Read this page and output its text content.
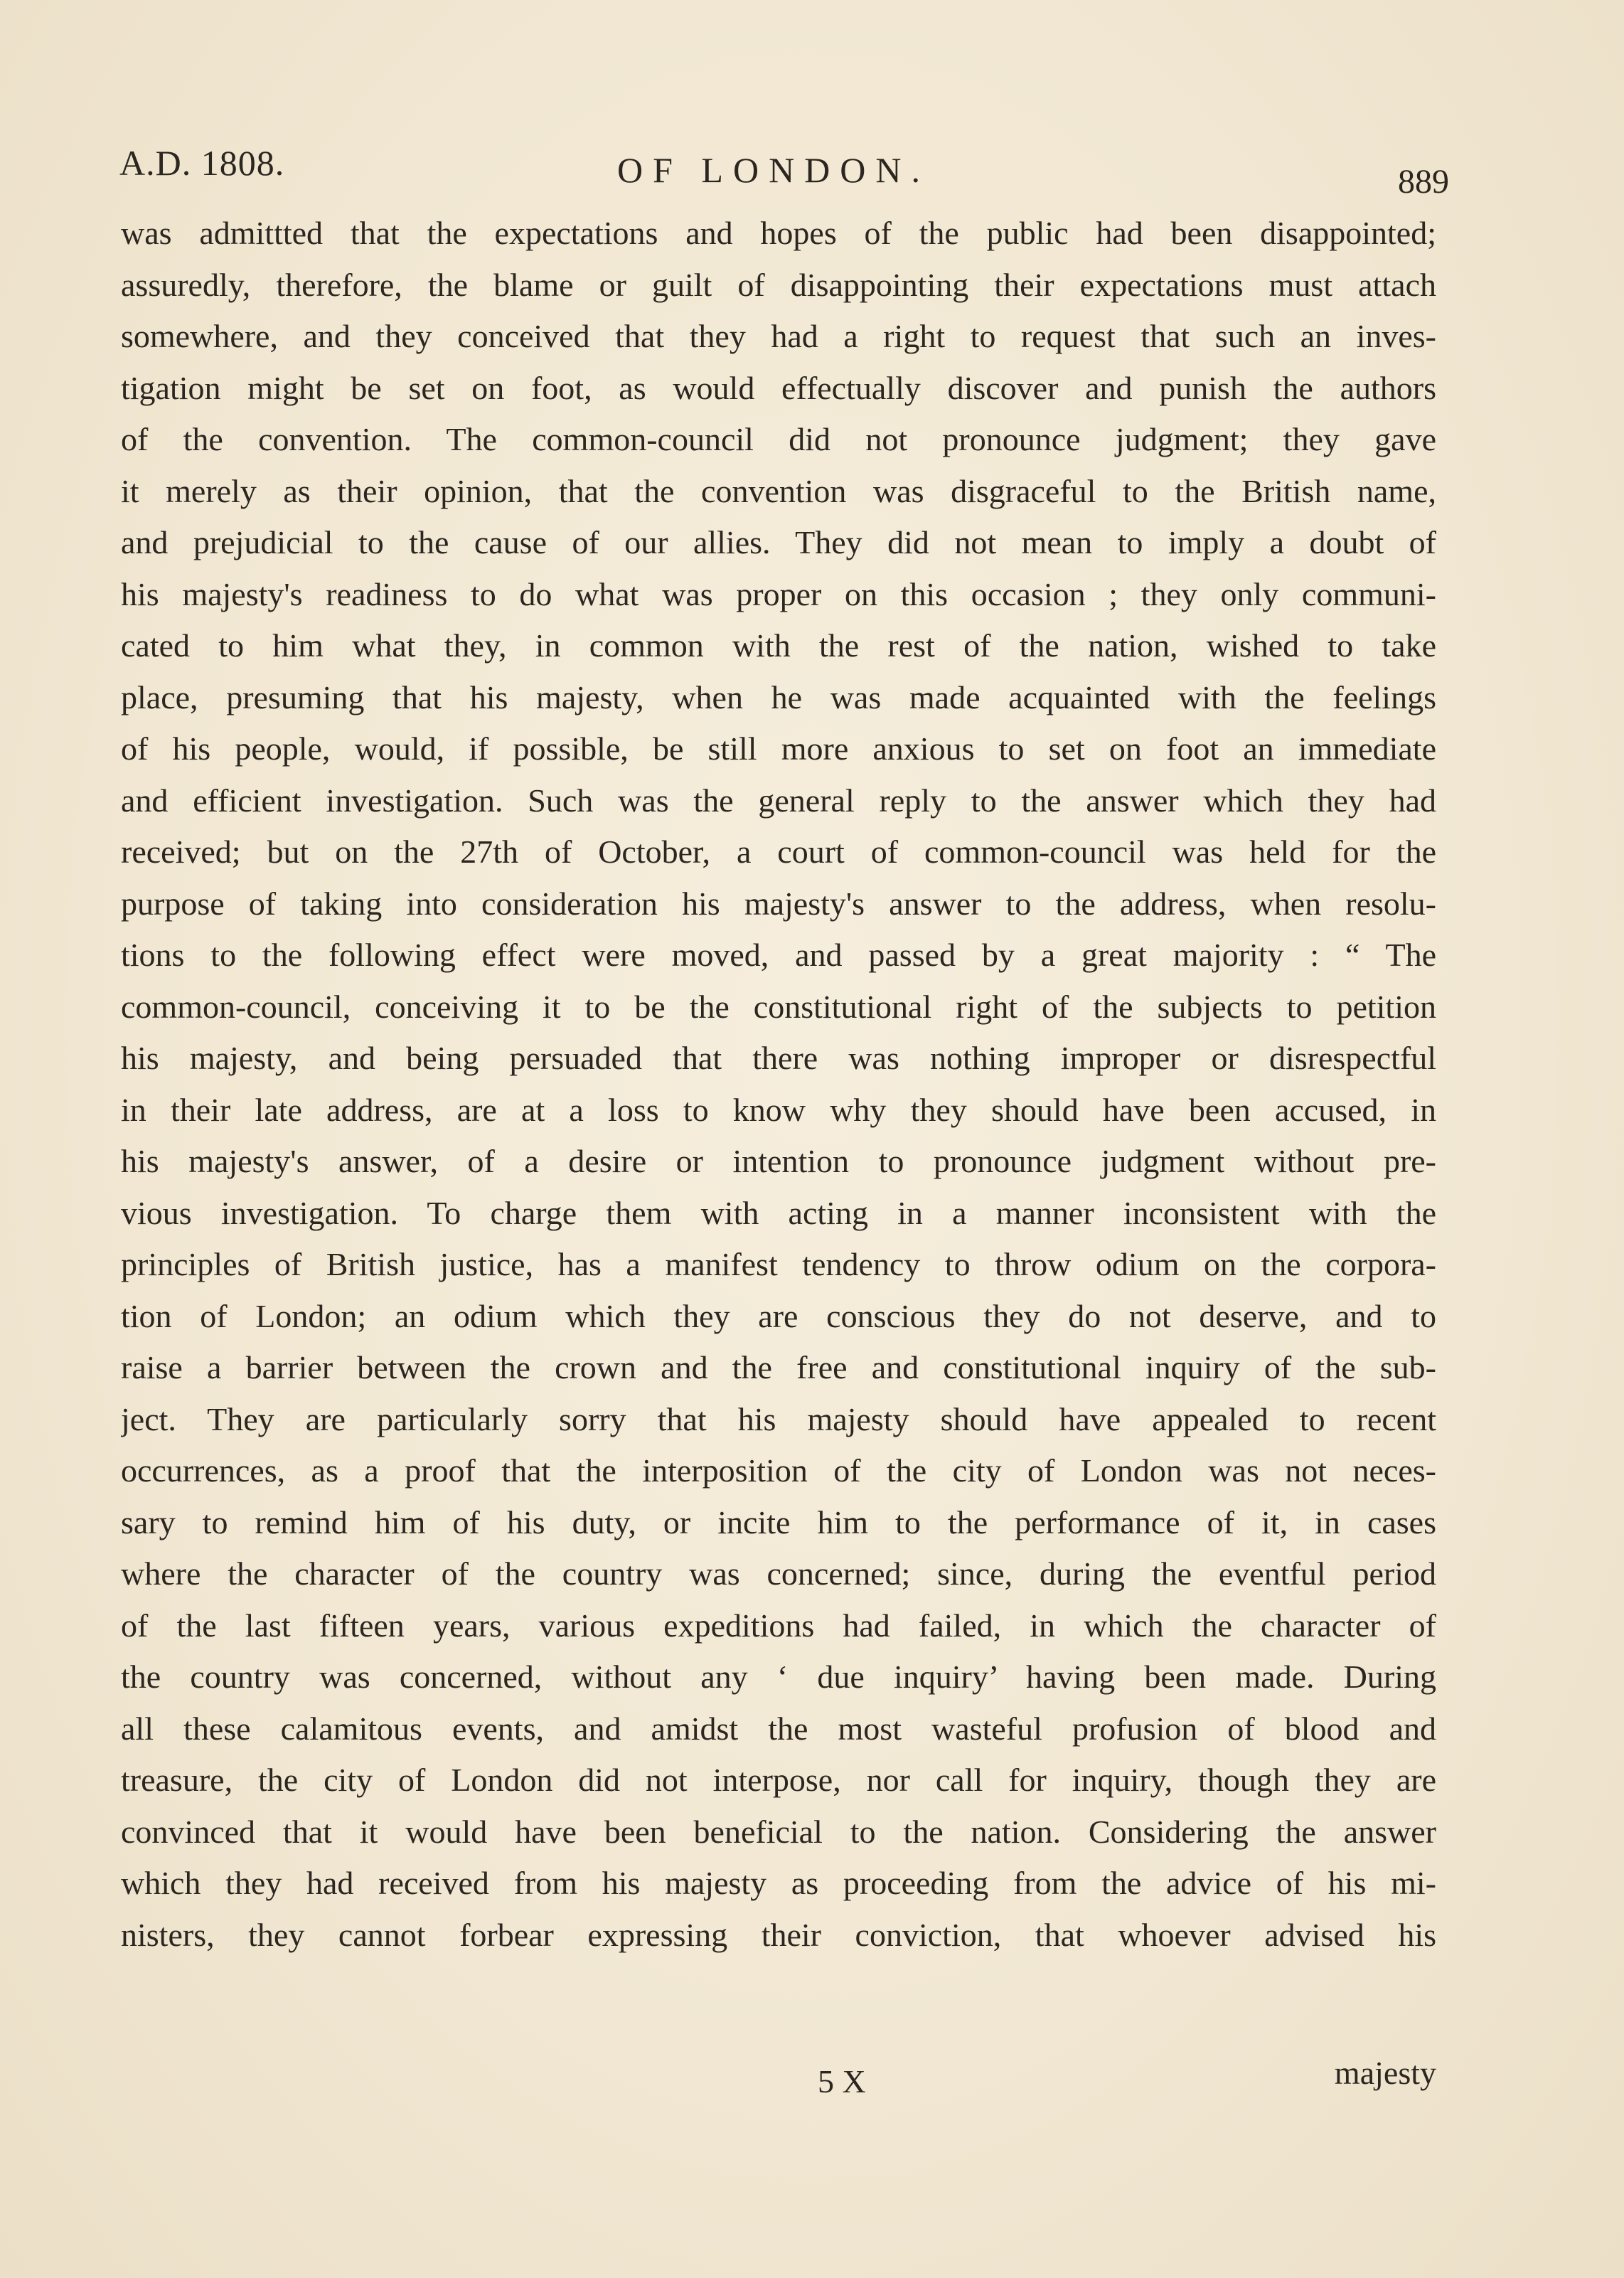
A.D. 1808.	OF LONDON.	889
was admittted that the expectations and hopes of the public had been disappointed;
assuredly, therefore, the blame or guilt of disappointing their expectations must attach
somewhere, and they conceived that they had a right to request that such an inves-
tigation might be set on foot, as would effectually discover and punish the authors
of the convention. The common-council did not pronounce judgment; they gave
it merely as their opinion, that the convention was disgraceful to the British name,
and prejudicial to the cause of our allies. They did not mean to imply a doubt of
his majesty's readiness to do what was proper on this occasion ; they only communi-
cated to him what they, in common with the rest of the nation, wished to take
place, presuming that his majesty, when he was made acquainted with the feelings
of his people, would, if possible, be still more anxious to set on foot an immediate
and efficient investigation. Such was the general reply to the answer which they had
received; but on the 27th of October, a court of common-council was held for the
purpose of taking into consideration his majesty's answer to the address, when resolu-
tions to the following effect were moved, and passed by a great majority : “ The
common-council, conceiving it to be the constitutional right of the subjects to petition
his majesty, and being persuaded that there was nothing improper or disrespectful
in their late address, are at a loss to know why they should have been accused, in
his majesty's answer, of a desire or intention to pronounce judgment without pre-
vious investigation. To charge them with acting in a manner inconsistent with the
principles of British justice, has a manifest tendency to throw odium on the corpora-
tion of London; an odium which they are conscious they do not deserve, and to
raise a barrier between the crown and the free and constitutional inquiry of the sub-
ject. They are particularly sorry that his majesty should have appealed to recent
occurrences, as a proof that the interposition of the city of London was not neces-
sary to remind him of his duty, or incite him to the performance of it, in cases
where the character of the country was concerned; since, during the eventful period
of the last fifteen years, various expeditions had failed, in which the character of
the country was concerned, without any ‘ due inquiry’ having been made. During
all these calamitous events, and amidst the most wasteful profusion of blood and
treasure, the city of London did not interpose, nor call for inquiry, though they are
convinced that it would have been beneficial to the nation. Considering the answer
which they had received from his majesty as proceeding from the advice of his mi-
nisters, they cannot forbear expressing their conviction, that whoever advised his
5 X	majesty
